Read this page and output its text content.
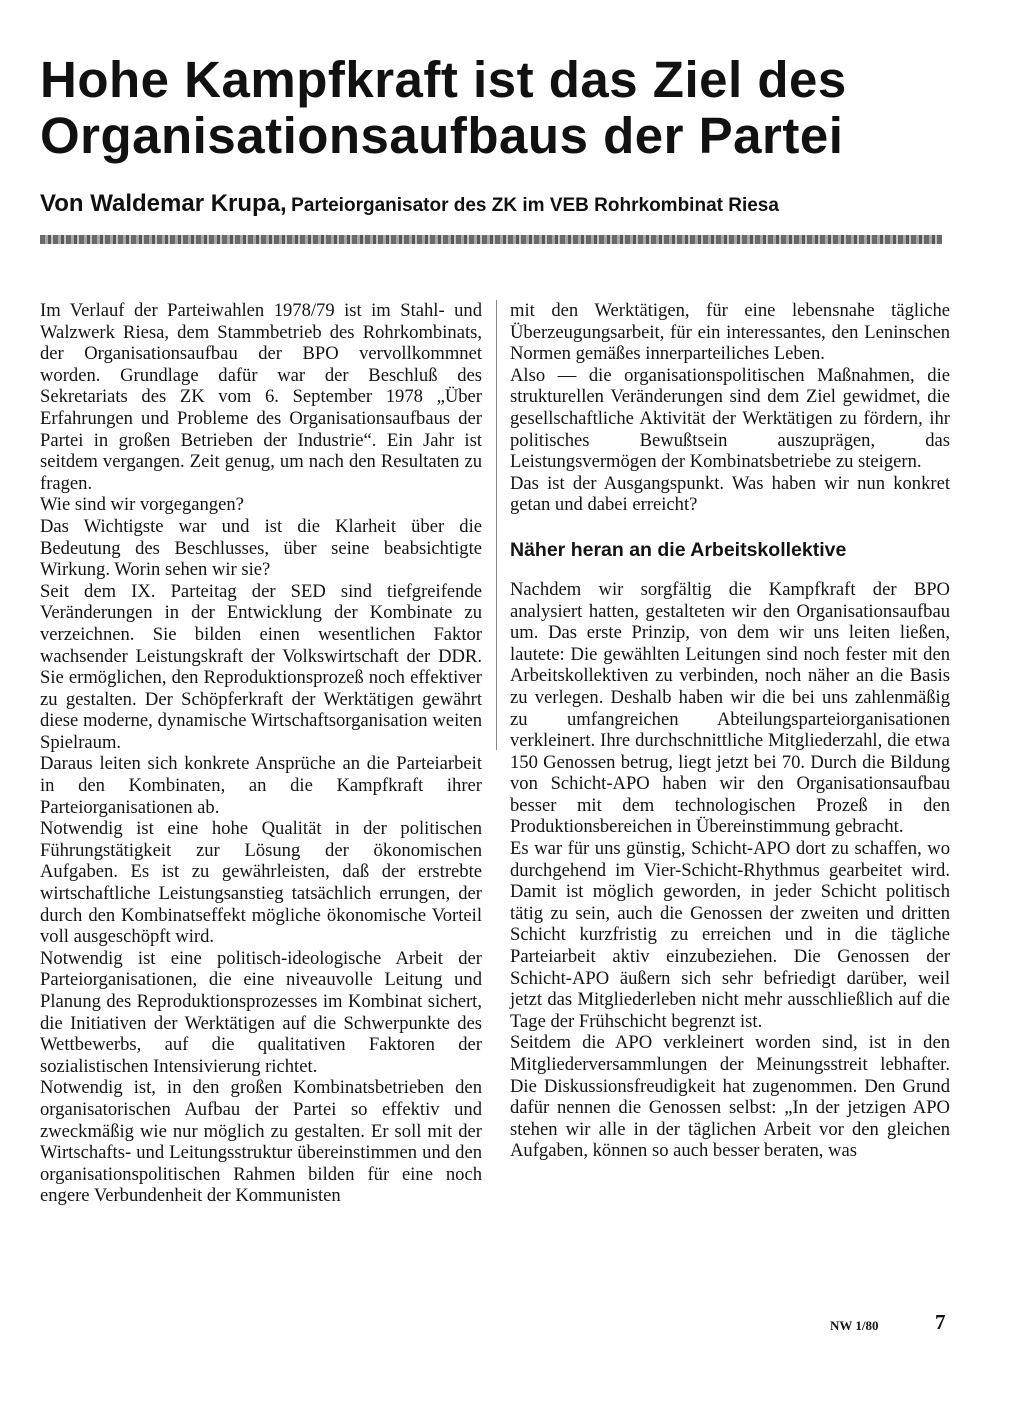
Hohe Kampfkraft ist das Ziel des Organisationsaufbaus der Partei
Von Waldemar Krupa, Parteiorganisator des ZK im VEB Rohrkombinat Riesa

Im Verlauf der Parteiwahlen 1978/79 ist im Stahl- und Walzwerk Riesa, dem Stammbetrieb des Rohrkombinats, der Organisationsaufbau der BPO vervollkommnet worden. Grundlage dafür war der Beschluß des Sekretariats des ZK vom 6. September 1978 „Über Erfahrungen und Probleme des Organisationsaufbaus der Partei in großen Betrieben der Industrie“. Ein Jahr ist seitdem vergangen. Zeit genug, um nach den Resultaten zu fragen.

Wie sind wir vorgegangen?

Das Wichtigste war und ist die Klarheit über die Bedeutung des Beschlusses, über seine beabsichtigte Wirkung. Worin sehen wir sie?

Seit dem IX. Parteitag der SED sind tiefgreifende Veränderungen in der Entwicklung der Kombinate zu verzeichnen. Sie bilden einen wesentlichen Faktor wachsender Leistungskraft der Volkswirtschaft der DDR. Sie ermöglichen, den Reproduktionsprozeß noch effektiver zu gestalten. Der Schöpferkraft der Werktätigen gewährt diese moderne, dynamische Wirtschaftsorganisation weiten Spielraum.

Daraus leiten sich konkrete Ansprüche an die Parteiarbeit in den Kombinaten, an die Kampfkraft ihrer Parteiorganisationen ab.

Notwendig ist eine hohe Qualität in der politischen Führungstätigkeit zur Lösung der ökonomischen Aufgaben. Es ist zu gewährleisten, daß der erstrebte wirtschaftliche Leistungsanstieg tatsächlich errungen, der durch den Kombinatseffekt mögliche ökonomische Vorteil voll ausgeschöpft wird.

Notwendig ist eine politisch-ideologische Arbeit der Parteiorganisationen, die eine niveauvolle Leitung und Planung des Reproduktionsprozesses im Kombinat sichert, die Initiativen der Werktätigen auf die Schwerpunkte des Wettbewerbs, auf die qualitativen Faktoren der sozialistischen Intensivierung richtet.

Notwendig ist, in den großen Kombinatsbetrieben den organisatorischen Aufbau der Partei so effektiv und zweckmäßig wie nur möglich zu gestalten. Er soll mit der Wirtschafts- und Leitungsstruktur übereinstimmen und den organisationspolitischen Rahmen bilden für eine noch engere Verbundenheit der Kommunisten

mit den Werktätigen, für eine lebensnahe tägliche Überzeugungsarbeit, für ein interessantes, den Leninschen Normen gemäßes innerparteiliches Leben.

Also — die organisationspolitischen Maßnahmen, die strukturellen Veränderungen sind dem Ziel gewidmet, die gesellschaftliche Aktivität der Werktätigen zu fördern, ihr politisches Bewußtsein auszuprägen, das Leistungsvermögen der Kombinatsbetriebe zu steigern.

Das ist der Ausgangspunkt. Was haben wir nun konkret getan und dabei erreicht?

Näher heran an die Arbeitskollektive

Nachdem wir sorgfältig die Kampfkraft der BPO analysiert hatten, gestalteten wir den Organisationsaufbau um. Das erste Prinzip, von dem wir uns leiten ließen, lautete: Die gewählten Leitungen sind noch fester mit den Arbeitskollektiven zu verbinden, noch näher an die Basis zu verlegen. Deshalb haben wir die bei uns zahlenmäßig zu umfangreichen Abteilungsparteiorganisationen verkleinert. Ihre durchschnittliche Mitgliederzahl, die etwa 150 Genossen betrug, liegt jetzt bei 70. Durch die Bildung von Schicht-APO haben wir den Organisationsaufbau besser mit dem technologischen Prozeß in den Produktionsbereichen in Übereinstimmung gebracht.

Es war für uns günstig, Schicht-APO dort zu schaffen, wo durchgehend im Vier-Schicht-Rhythmus gearbeitet wird. Damit ist möglich geworden, in jeder Schicht politisch tätig zu sein, auch die Genossen der zweiten und dritten Schicht kurzfristig zu erreichen und in die tägliche Parteiarbeit aktiv einzubeziehen. Die Genossen der Schicht-APO äußern sich sehr befriedigt darüber, weil jetzt das Mitgliederleben nicht mehr ausschließlich auf die Tage der Frühschicht begrenzt ist.

Seitdem die APO verkleinert worden sind, ist in den Mitgliederversammlungen der Meinungsstreit lebhafter. Die Diskussionsfreudigkeit hat zugenommen. Den Grund dafür nennen die Genossen selbst: „In der jetzigen APO stehen wir alle in der täglichen Arbeit vor den gleichen Aufgaben, können so auch besser beraten, was

NW 1/80	7
